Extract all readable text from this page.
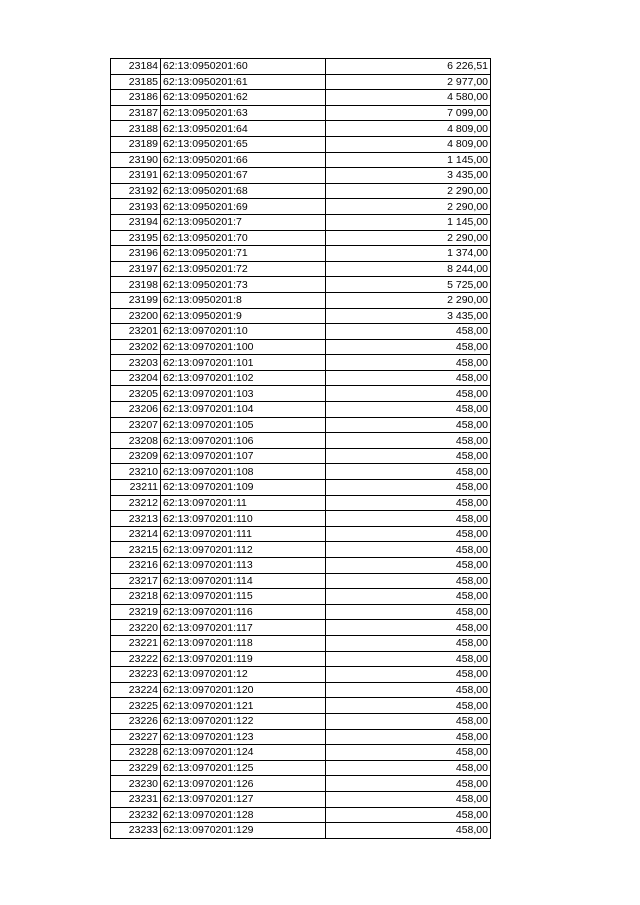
23184	62:13:0950201:60	6 226,51
23185	62:13:0950201:61	2 977,00
23186	62:13:0950201:62	4 580,00
23187	62:13:0950201:63	7 099,00
23188	62:13:0950201:64	4 809,00
23189	62:13:0950201:65	4 809,00
23190	62:13:0950201:66	1 145,00
23191	62:13:0950201:67	3 435,00
23192	62:13:0950201:68	2 290,00
23193	62:13:0950201:69	2 290,00
23194	62:13:0950201:7	1 145,00
23195	62:13:0950201:70	2 290,00
23196	62:13:0950201:71	1 374,00
23197	62:13:0950201:72	8 244,00
23198	62:13:0950201:73	5 725,00
23199	62:13:0950201:8	2 290,00
23200	62:13:0950201:9	3 435,00
23201	62:13:0970201:10	458,00
23202	62:13:0970201:100	458,00
23203	62:13:0970201:101	458,00
23204	62:13:0970201:102	458,00
23205	62:13:0970201:103	458,00
23206	62:13:0970201:104	458,00
23207	62:13:0970201:105	458,00
23208	62:13:0970201:106	458,00
23209	62:13:0970201:107	458,00
23210	62:13:0970201:108	458,00
23211	62:13:0970201:109	458,00
23212	62:13:0970201:11	458,00
23213	62:13:0970201:110	458,00
23214	62:13:0970201:111	458,00
23215	62:13:0970201:112	458,00
23216	62:13:0970201:113	458,00
23217	62:13:0970201:114	458,00
23218	62:13:0970201:115	458,00
23219	62:13:0970201:116	458,00
23220	62:13:0970201:117	458,00
23221	62:13:0970201:118	458,00
23222	62:13:0970201:119	458,00
23223	62:13:0970201:12	458,00
23224	62:13:0970201:120	458,00
23225	62:13:0970201:121	458,00
23226	62:13:0970201:122	458,00
23227	62:13:0970201:123	458,00
23228	62:13:0970201:124	458,00
23229	62:13:0970201:125	458,00
23230	62:13:0970201:126	458,00
23231	62:13:0970201:127	458,00
23232	62:13:0970201:128	458,00
23233	62:13:0970201:129	458,00
